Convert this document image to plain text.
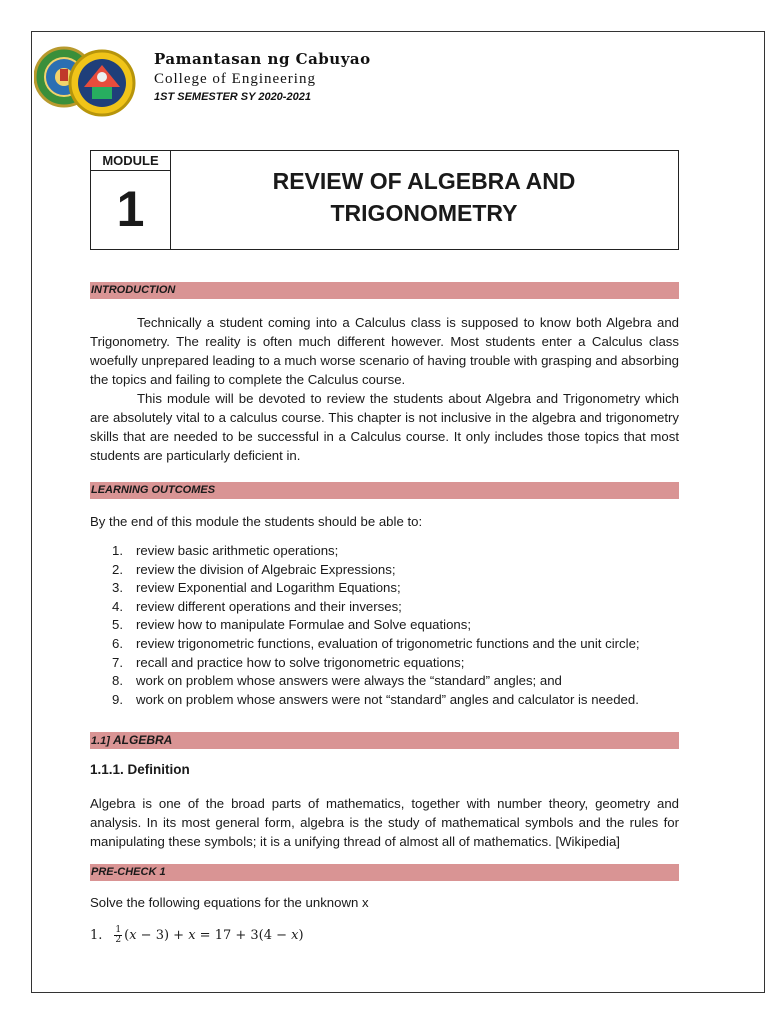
Pamantasan ng Cabuyao
College of Engineering
1ST SEMESTER SY 2020-2021
MODULE
1	REVIEW OF ALGEBRA AND
TRIGONOMETRY
INTRODUCTION
Technically a student coming into a Calculus class is supposed to know both Algebra and Trigonometry. The reality is often much different however. Most students enter a Calculus class woefully unprepared leading to a much worse scenario of having trouble with grasping and absorbing the topics and failing to complete the Calculus course.
This module will be devoted to review the students about Algebra and Trigonometry which are absolutely vital to a calculus course. This chapter is not inclusive in the algebra and trigonometry skills that are needed to be successful in a Calculus course. It only includes those topics that most students are particularly deficient in.
LEARNING OUTCOMES
By the end of this module the students should be able to:
1. review basic arithmetic operations;
2. review the division of Algebraic Expressions;
3. review Exponential and Logarithm Equations;
4. review different operations and their inverses;
5. review how to manipulate Formulae and Solve equations;
6. review trigonometric functions, evaluation of trigonometric functions and the unit circle;
7. recall and practice how to solve trigonometric equations;
8. work on problem whose answers were always the “standard” angles; and
9. work on problem whose answers were not “standard” angles and calculator is needed.
1.1] ALGEBRA
1.1.1. Definition
Algebra is one of the broad parts of mathematics, together with number theory, geometry and analysis. In its most general form, algebra is the study of mathematical symbols and the rules for manipulating these symbols; it is a unifying thread of almost all of mathematics. [Wikipedia]
PRE-CHECK 1
Solve the following equations for the unknown x
1. $\frac{1}{2}$ (𝑥 − 3) + 𝑥 = 17 + 3(4 − 𝑥)
